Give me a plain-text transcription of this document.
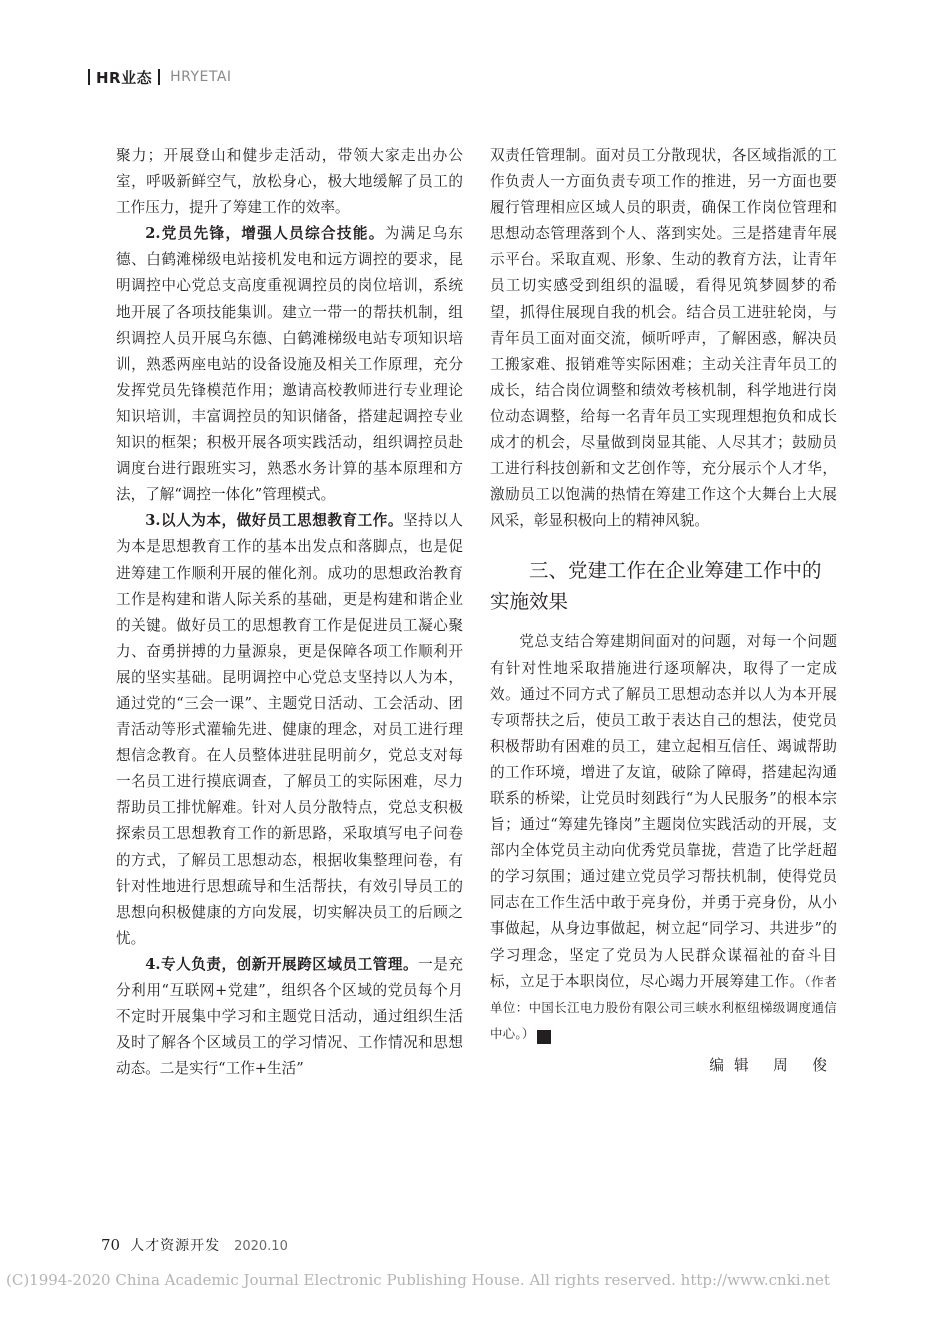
HR业态 HRYETAI

聚力；开展登山和健步走活动，带领大家走出办公室，呼吸新鲜空气，放松身心，极大地缓解了员工的工作压力，提升了筹建工作的效率。

2.党员先锋，增强人员综合技能。为满足乌东德、白鹤滩梯级电站接机发电和远方调控的要求，昆明调控中心党总支高度重视调控员的岗位培训，系统地开展了各项技能集训。建立一带一的帮扶机制，组织调控人员开展乌东德、白鹤滩梯级电站专项知识培训，熟悉两座电站的设备设施及相关工作原理，充分发挥党员先锋模范作用；邀请高校教师进行专业理论知识培训，丰富调控员的知识储备，搭建起调控专业知识的框架；积极开展各项实践活动，组织调控员赴调度台进行跟班实习，熟悉水务计算的基本原理和方法，了解“调控一体化”管理模式。

3.以人为本，做好员工思想教育工作。坚持以人为本是思想教育工作的基本出发点和落脚点，也是促进筹建工作顺利开展的催化剂。成功的思想政治教育工作是构建和谐人际关系的基础，更是构建和谐企业的关键。做好员工的思想教育工作是促进员工凝心聚力、奋勇拼搏的力量源泉，更是保障各项工作顺利开展的坚实基础。昆明调控中心党总支坚持以人为本，通过党的“三会一课”、主题党日活动、工会活动、团青活动等形式灌输先进、健康的理念，对员工进行理想信念教育。在人员整体进驻昆明前夕，党总支对每一名员工进行摸底调查，了解员工的实际困难，尽力帮助员工排忧解难。针对人员分散特点，党总支积极探索员工思想教育工作的新思路，采取填写电子问卷的方式，了解员工思想动态，根据收集整理问卷，有针对性地进行思想疏导和生活帮扶，有效引导员工的思想向积极健康的方向发展，切实解决员工的后顾之忧。

4.专人负责，创新开展跨区域员工管理。一是充分利用“互联网+党建”，组织各个区域的党员每个月不定时开展集中学习和主题党日活动，通过组织生活及时了解各个区域员工的学习情况、工作情况和思想动态。二是实行“工作+生活”

双责任管理制。面对员工分散现状，各区域指派的工作负责人一方面负责专项工作的推进，另一方面也要履行管理相应区域人员的职责，确保工作岗位管理和思想动态管理落到个人、落到实处。三是搭建青年展示平台。采取直观、形象、生动的教育方法，让青年员工切实感受到组织的温暖，看得见筑梦圆梦的希望，抓得住展现自我的机会。结合员工进驻轮岗，与青年员工面对面交流，倾听呼声，了解困惑，解决员工搬家难、报销难等实际困难；主动关注青年员工的成长，结合岗位调整和绩效考核机制，科学地进行岗位动态调整，给每一名青年员工实现理想抱负和成长成才的机会，尽量做到岗显其能、人尽其才；鼓励员工进行科技创新和文艺创作等，充分展示个人才华，激励员工以饱满的热情在筹建工作这个大舞台上大展风采，彰显积极向上的精神风貌。

三、党建工作在企业筹建工作中的实施效果

党总支结合筹建期间面对的问题，对每一个问题有针对性地采取措施进行逐项解决，取得了一定成效。通过不同方式了解员工思想动态并以人为本开展专项帮扶之后，使员工敢于表达自己的想法，使党员积极帮助有困难的员工，建立起相互信任、竭诚帮助的工作环境，增进了友谊，破除了障碍，搭建起沟通联系的桥梁，让党员时刻践行“为人民服务”的根本宗旨；通过“筹建先锋岗”主题岗位实践活动的开展，支部内全体党员主动向优秀党员靠拢，营造了比学赶超的学习氛围；通过建立党员学习帮扶机制，使得党员同志在工作生活中敢于亮身份，并勇于亮身份，从小事做起，从身边事做起，树立起“同学习、共进步”的学习理念，坚定了党员为人民群众谋福祉的奋斗目标，立足于本职岗位，尽心竭力开展筹建工作。（作者单位：中国长江电力股份有限公司三峡水利枢纽梯级调度通信中心。）	R

编辑 周 俊
70 人才资源开发 2020.10
(C)1994-2020 China Academic Journal Electronic Publishing House. All rights reserved. http://www.cnki.net
